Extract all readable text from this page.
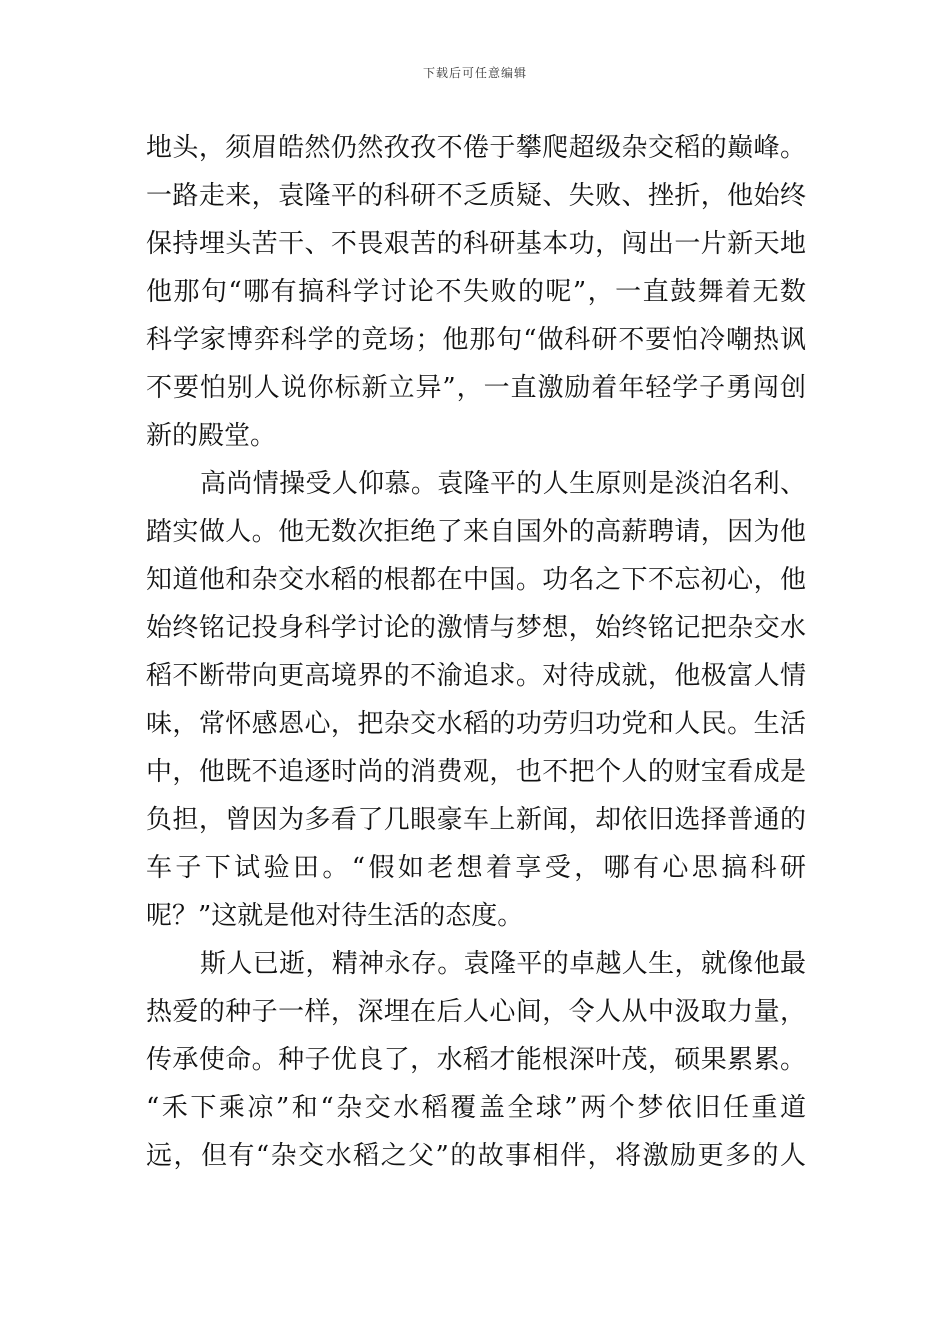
下载后可任意编辑
地头，须眉皓然仍然孜孜不倦于攀爬超级杂交稻的巅峰。
一路走来，袁隆平的科研不乏质疑、失败、挫折，他始终
保持埋头苦干、不畏艰苦的科研基本功，闯出一片新天地
他那句“哪有搞科学讨论不失败的呢”，一直鼓舞着无数
科学家博弈科学的竞场；他那句“做科研不要怕冷嘲热讽
不要怕别人说你标新立异”，一直激励着年轻学子勇闯创
新的殿堂。
高尚情操受人仰慕。袁隆平的人生原则是淡泊名利、
踏实做人。他无数次拒绝了来自国外的高薪聘请，因为他
知道他和杂交水稻的根都在中国。功名之下不忘初心，他
始终铭记投身科学讨论的激情与梦想，始终铭记把杂交水
稻不断带向更高境界的不渝追求。对待成就，他极富人情
味，常怀感恩心，把杂交水稻的功劳归功党和人民。生活
中，他既不追逐时尚的消费观，也不把个人的财宝看成是
负担，曾因为多看了几眼豪车上新闻，却依旧选择普通的
车子下试验田。“假如老想着享受，哪有心思搞科研
呢？”这就是他对待生活的态度。
斯人已逝，精神永存。袁隆平的卓越人生，就像他最
热爱的种子一样，深埋在后人心间，令人从中汲取力量，
传承使命。种子优良了，水稻才能根深叶茂，硕果累累。
“禾下乘凉”和“杂交水稻覆盖全球”两个梦依旧任重道
远，但有“杂交水稻之父”的故事相伴，将激励更多的人
